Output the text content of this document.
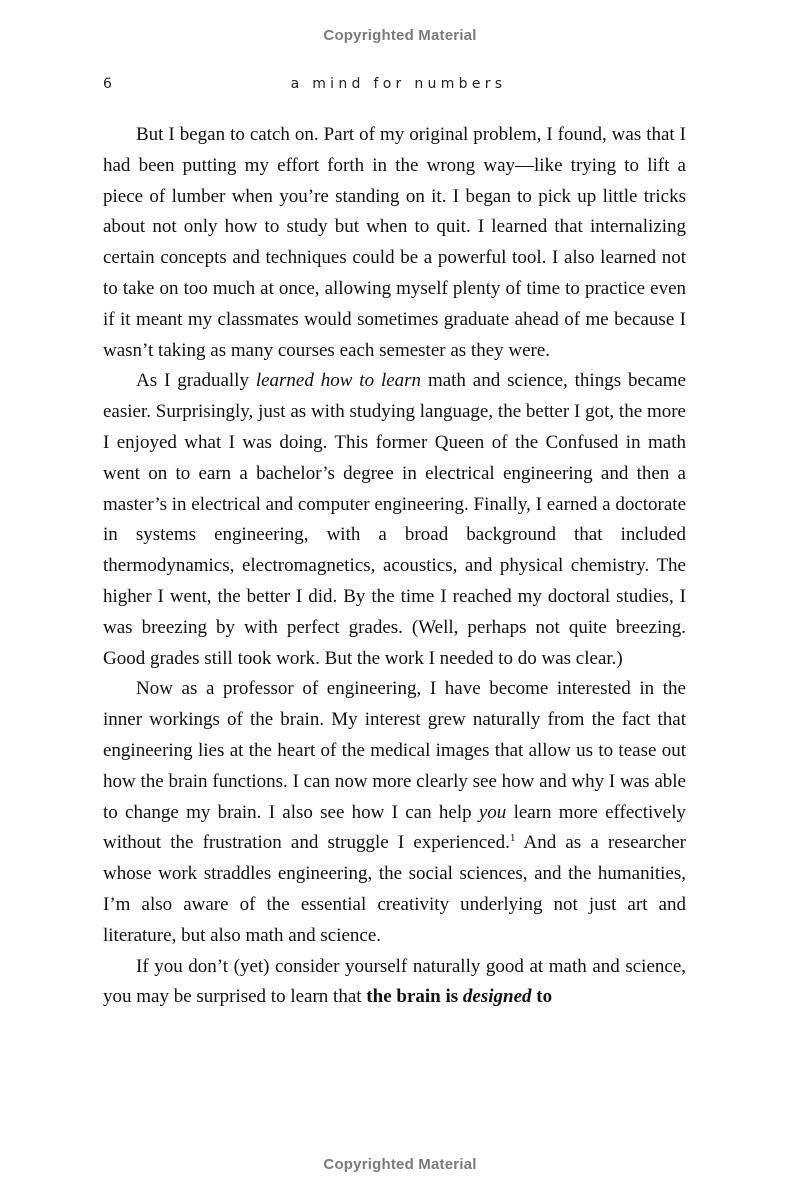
Copyrighted Material
6	a mind for numbers

But I began to catch on. Part of my original problem, I found, was that I had been putting my effort forth in the wrong way—like trying to lift a piece of lumber when you’re standing on it. I began to pick up little tricks about not only how to study but when to quit. I learned that internalizing certain concepts and techniques could be a powerful tool. I also learned not to take on too much at once, allowing myself plenty of time to practice even if it meant my classmates would sometimes graduate ahead of me because I wasn’t taking as many courses each semester as they were.

As I gradually learned how to learn math and science, things became easier. Surprisingly, just as with studying language, the better I got, the more I enjoyed what I was doing. This former Queen of the Confused in math went on to earn a bachelor’s degree in electrical engineering and then a master’s in electrical and computer engineering. Finally, I earned a doctorate in systems engineering, with a broad background that included thermodynamics, electromagnetics, acoustics, and physical chemistry. The higher I went, the better I did. By the time I reached my doctoral studies, I was breezing by with perfect grades. (Well, perhaps not quite breezing. Good grades still took work. But the work I needed to do was clear.)

Now as a professor of engineering, I have become interested in the inner workings of the brain. My interest grew naturally from the fact that engineering lies at the heart of the medical images that allow us to tease out how the brain functions. I can now more clearly see how and why I was able to change my brain. I also see how I can help you learn more effectively without the frustration and struggle I experienced.$^1$ And as a researcher whose work straddles engineering, the social sciences, and the humanities, I’m also aware of the essential creativity underlying not just art and literature, but also math and science.

If you don’t (yet) consider yourself naturally good at math and science, you may be surprised to learn that the brain is designed to

Copyrighted Material
